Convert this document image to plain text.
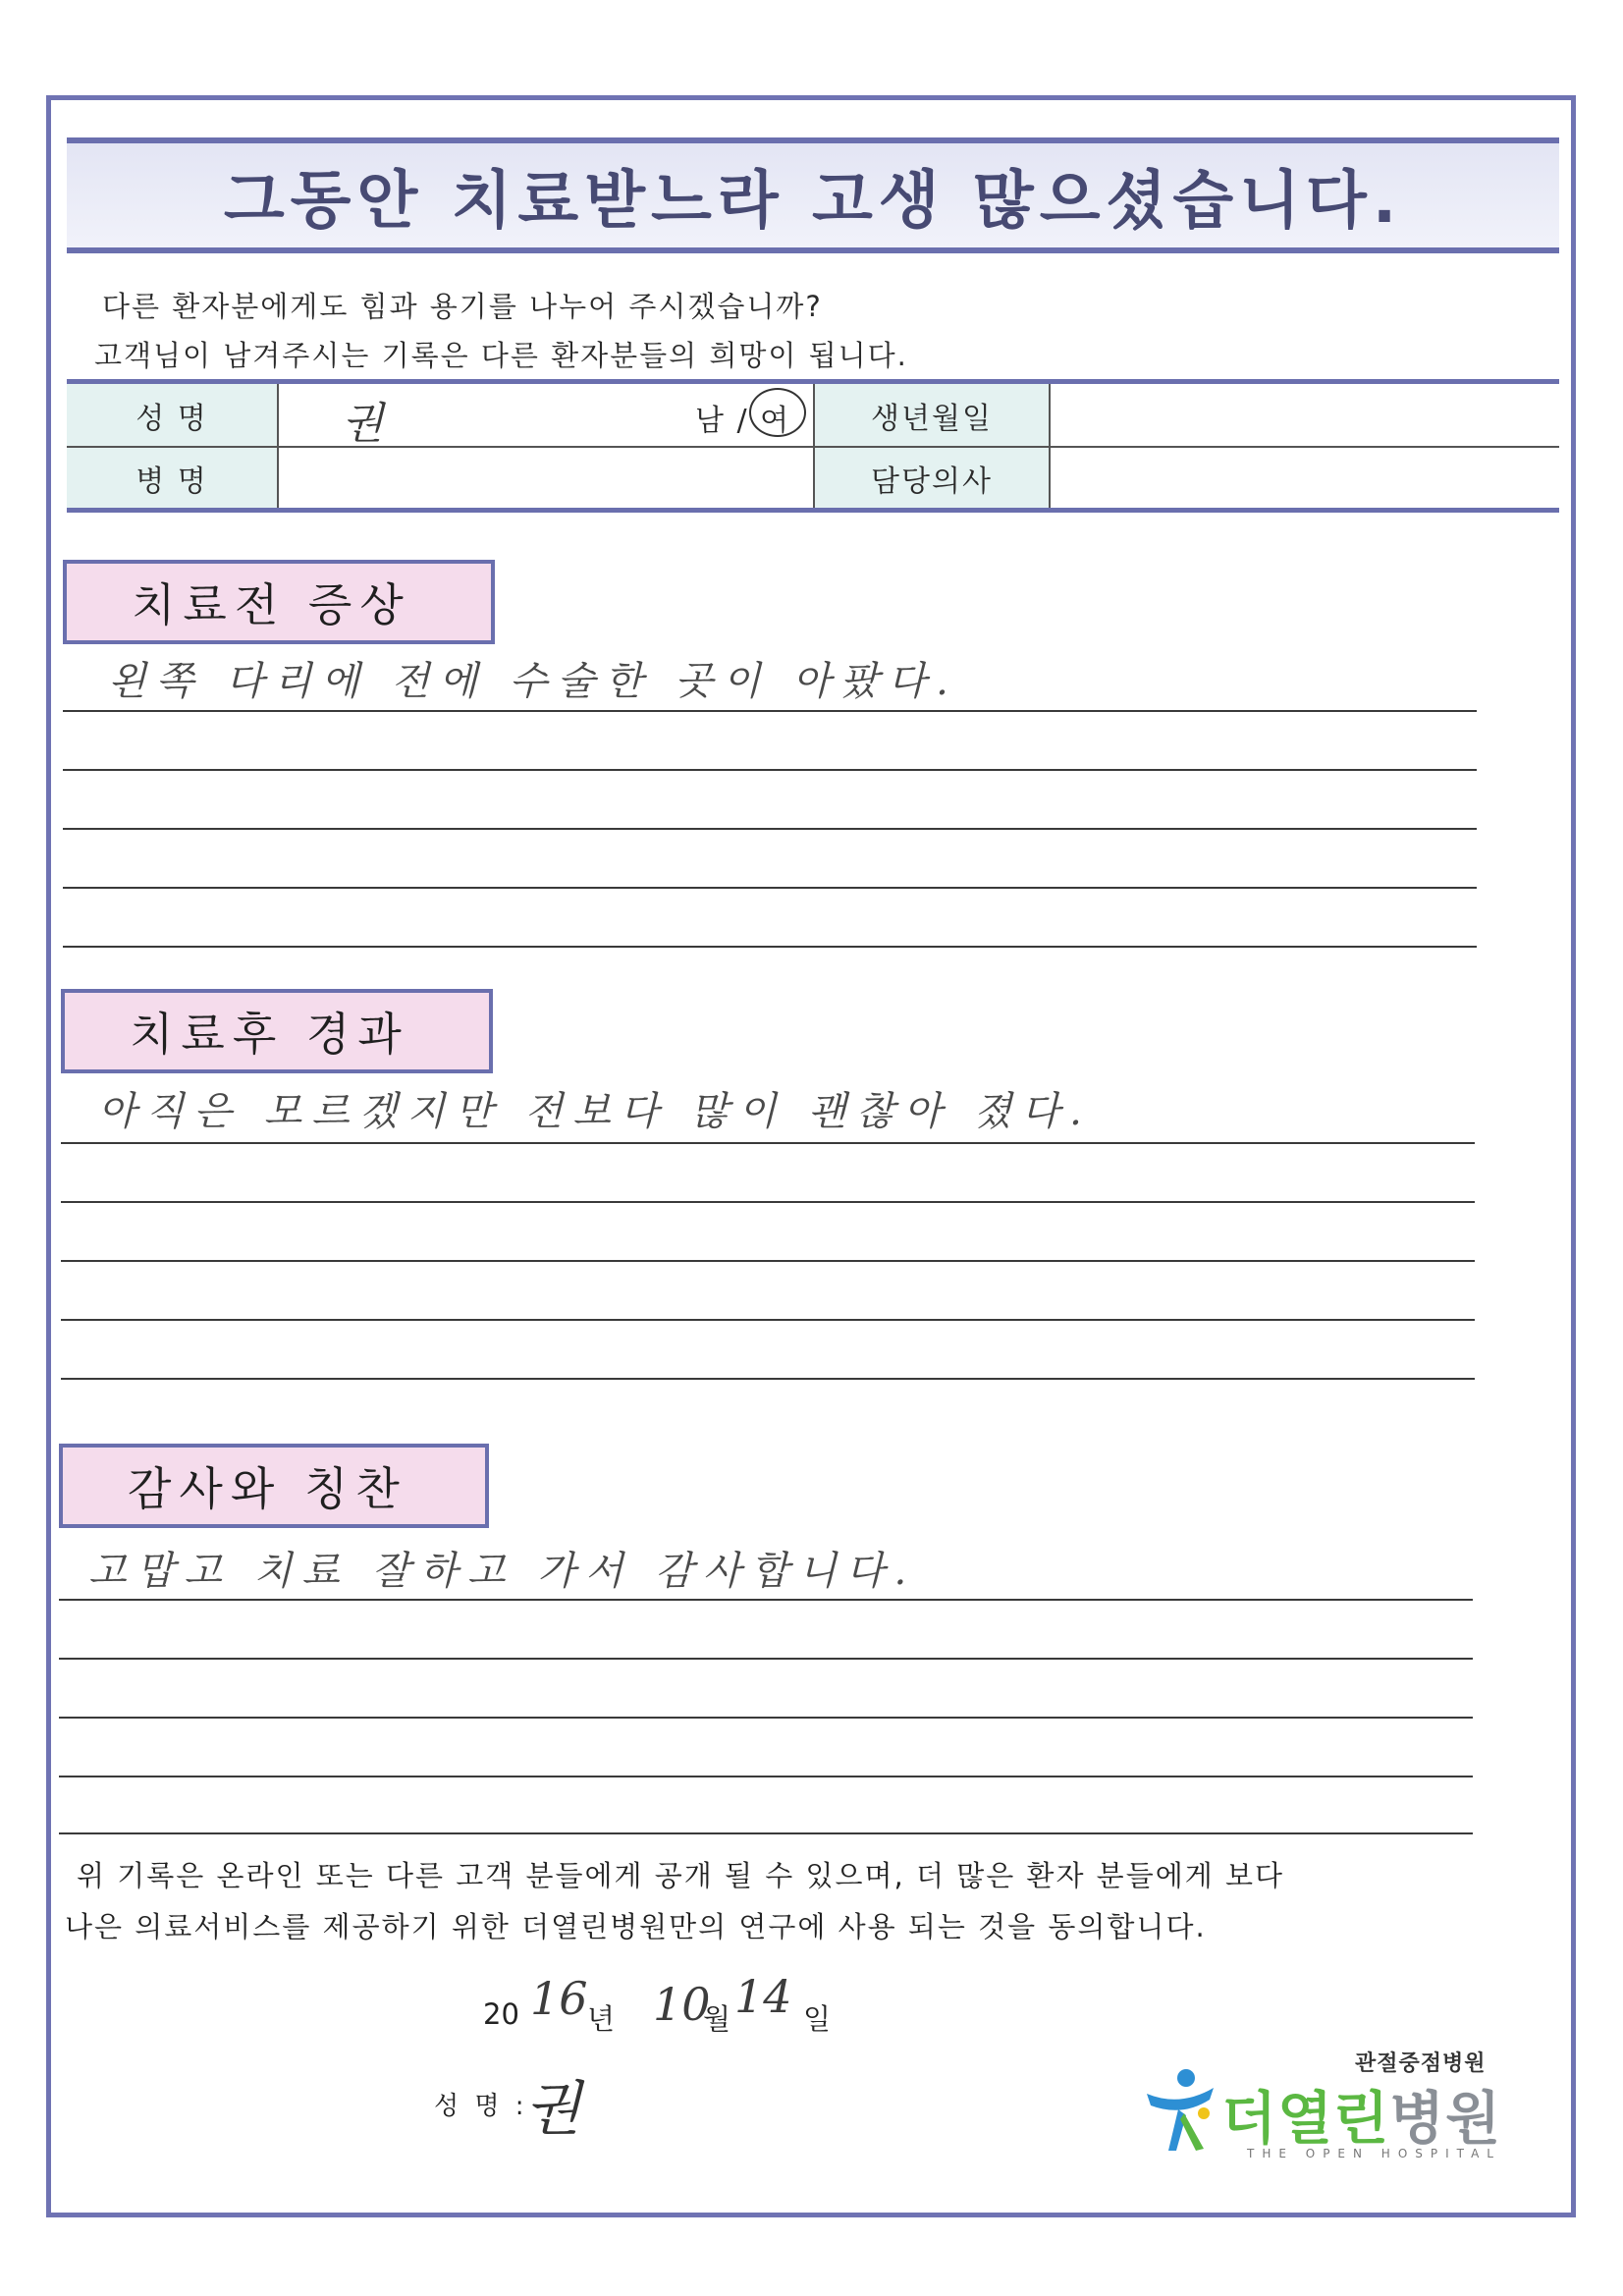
그동안 치료받느라 고생 많으셨습니다.
다른 환자분에게도 힘과 용기를 나누어 주시겠습니까?
고객님이 남겨주시는 기록은 다른 환자분들의 희망이 됩니다.
성 명
병 명
권	남 / 여	생년월일
담당의사
치료전 증상
왼쪽 다리에 전에 수술한 곳이 아팠다.
치료후 경과
아직은 모르겠지만 전보다 많이 괜찮아 졌다.
감사와 칭찬
고맙고 치료 잘하고 가서 감사합니다.
위 기록은 온라인 또는 다른 고객 분들에게 공개 될 수 있으며, 더 많은 환자 분들에게 보다
나은 의료서비스를 제공하기 위한 더열린병원만의 연구에 사용 되는 것을 동의합니다.
20 16 년 10
월 14 일
성 명 :
권
관절중점병원
더열린병원
THE OPEN HOSPITAL
